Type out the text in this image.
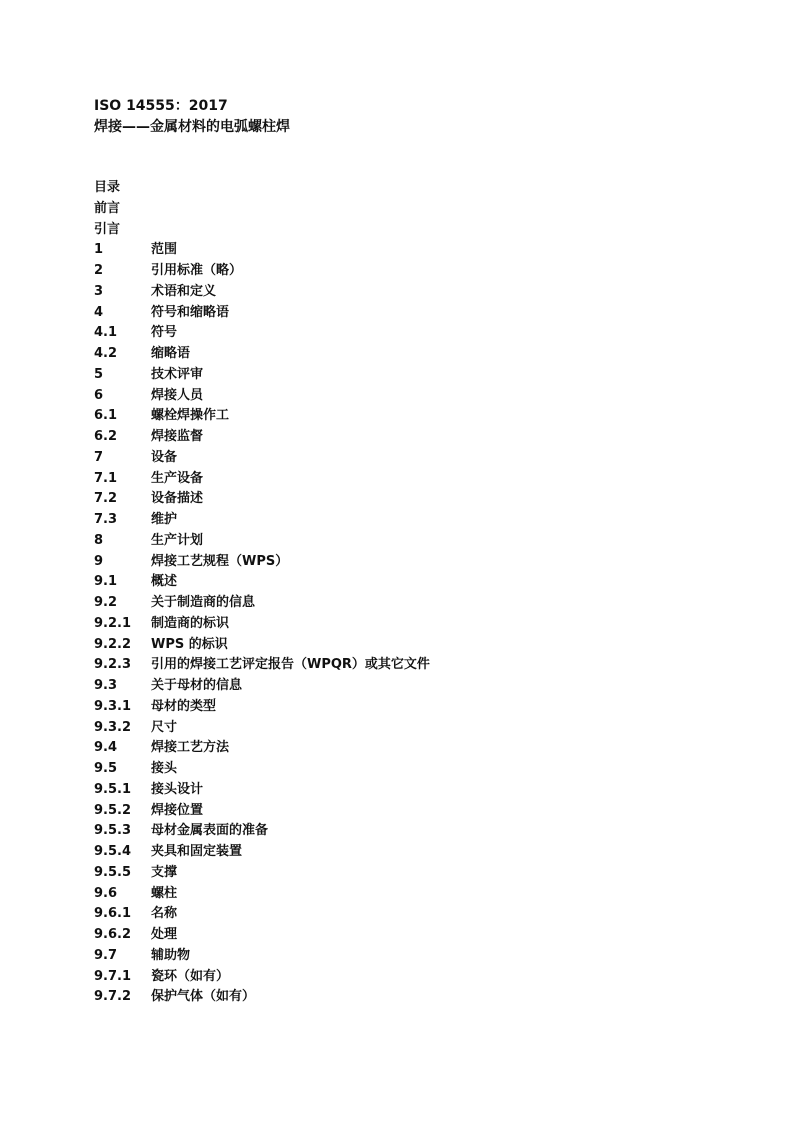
ISO 14555：2017
焊接——金属材料的电弧螺柱焊
目录
前言
引言
1	范围
2	引用标准（略）
3	术语和定义
4	符号和缩略语
4.1	符号
4.2	缩略语
5	技术评审
6	焊接人员
6.1	螺栓焊操作工
6.2	焊接监督
7	设备
7.1	生产设备
7.2	设备描述
7.3	维护
8	生产计划
9	焊接工艺规程（WPS）
9.1	概述
9.2	关于制造商的信息
9.2.1	制造商的标识
9.2.2	WPS 的标识
9.2.3	引用的焊接工艺评定报告（WPQR）或其它文件
9.3	关于母材的信息
9.3.1	母材的类型
9.3.2	尺寸
9.4	焊接工艺方法
9.5	接头
9.5.1	接头设计
9.5.2	焊接位置
9.5.3	母材金属表面的准备
9.5.4	夹具和固定装置
9.5.5	支撑
9.6	螺柱
9.6.1	名称
9.6.2	处理
9.7	辅助物
9.7.1	瓷环（如有）
9.7.2	保护气体（如有）
